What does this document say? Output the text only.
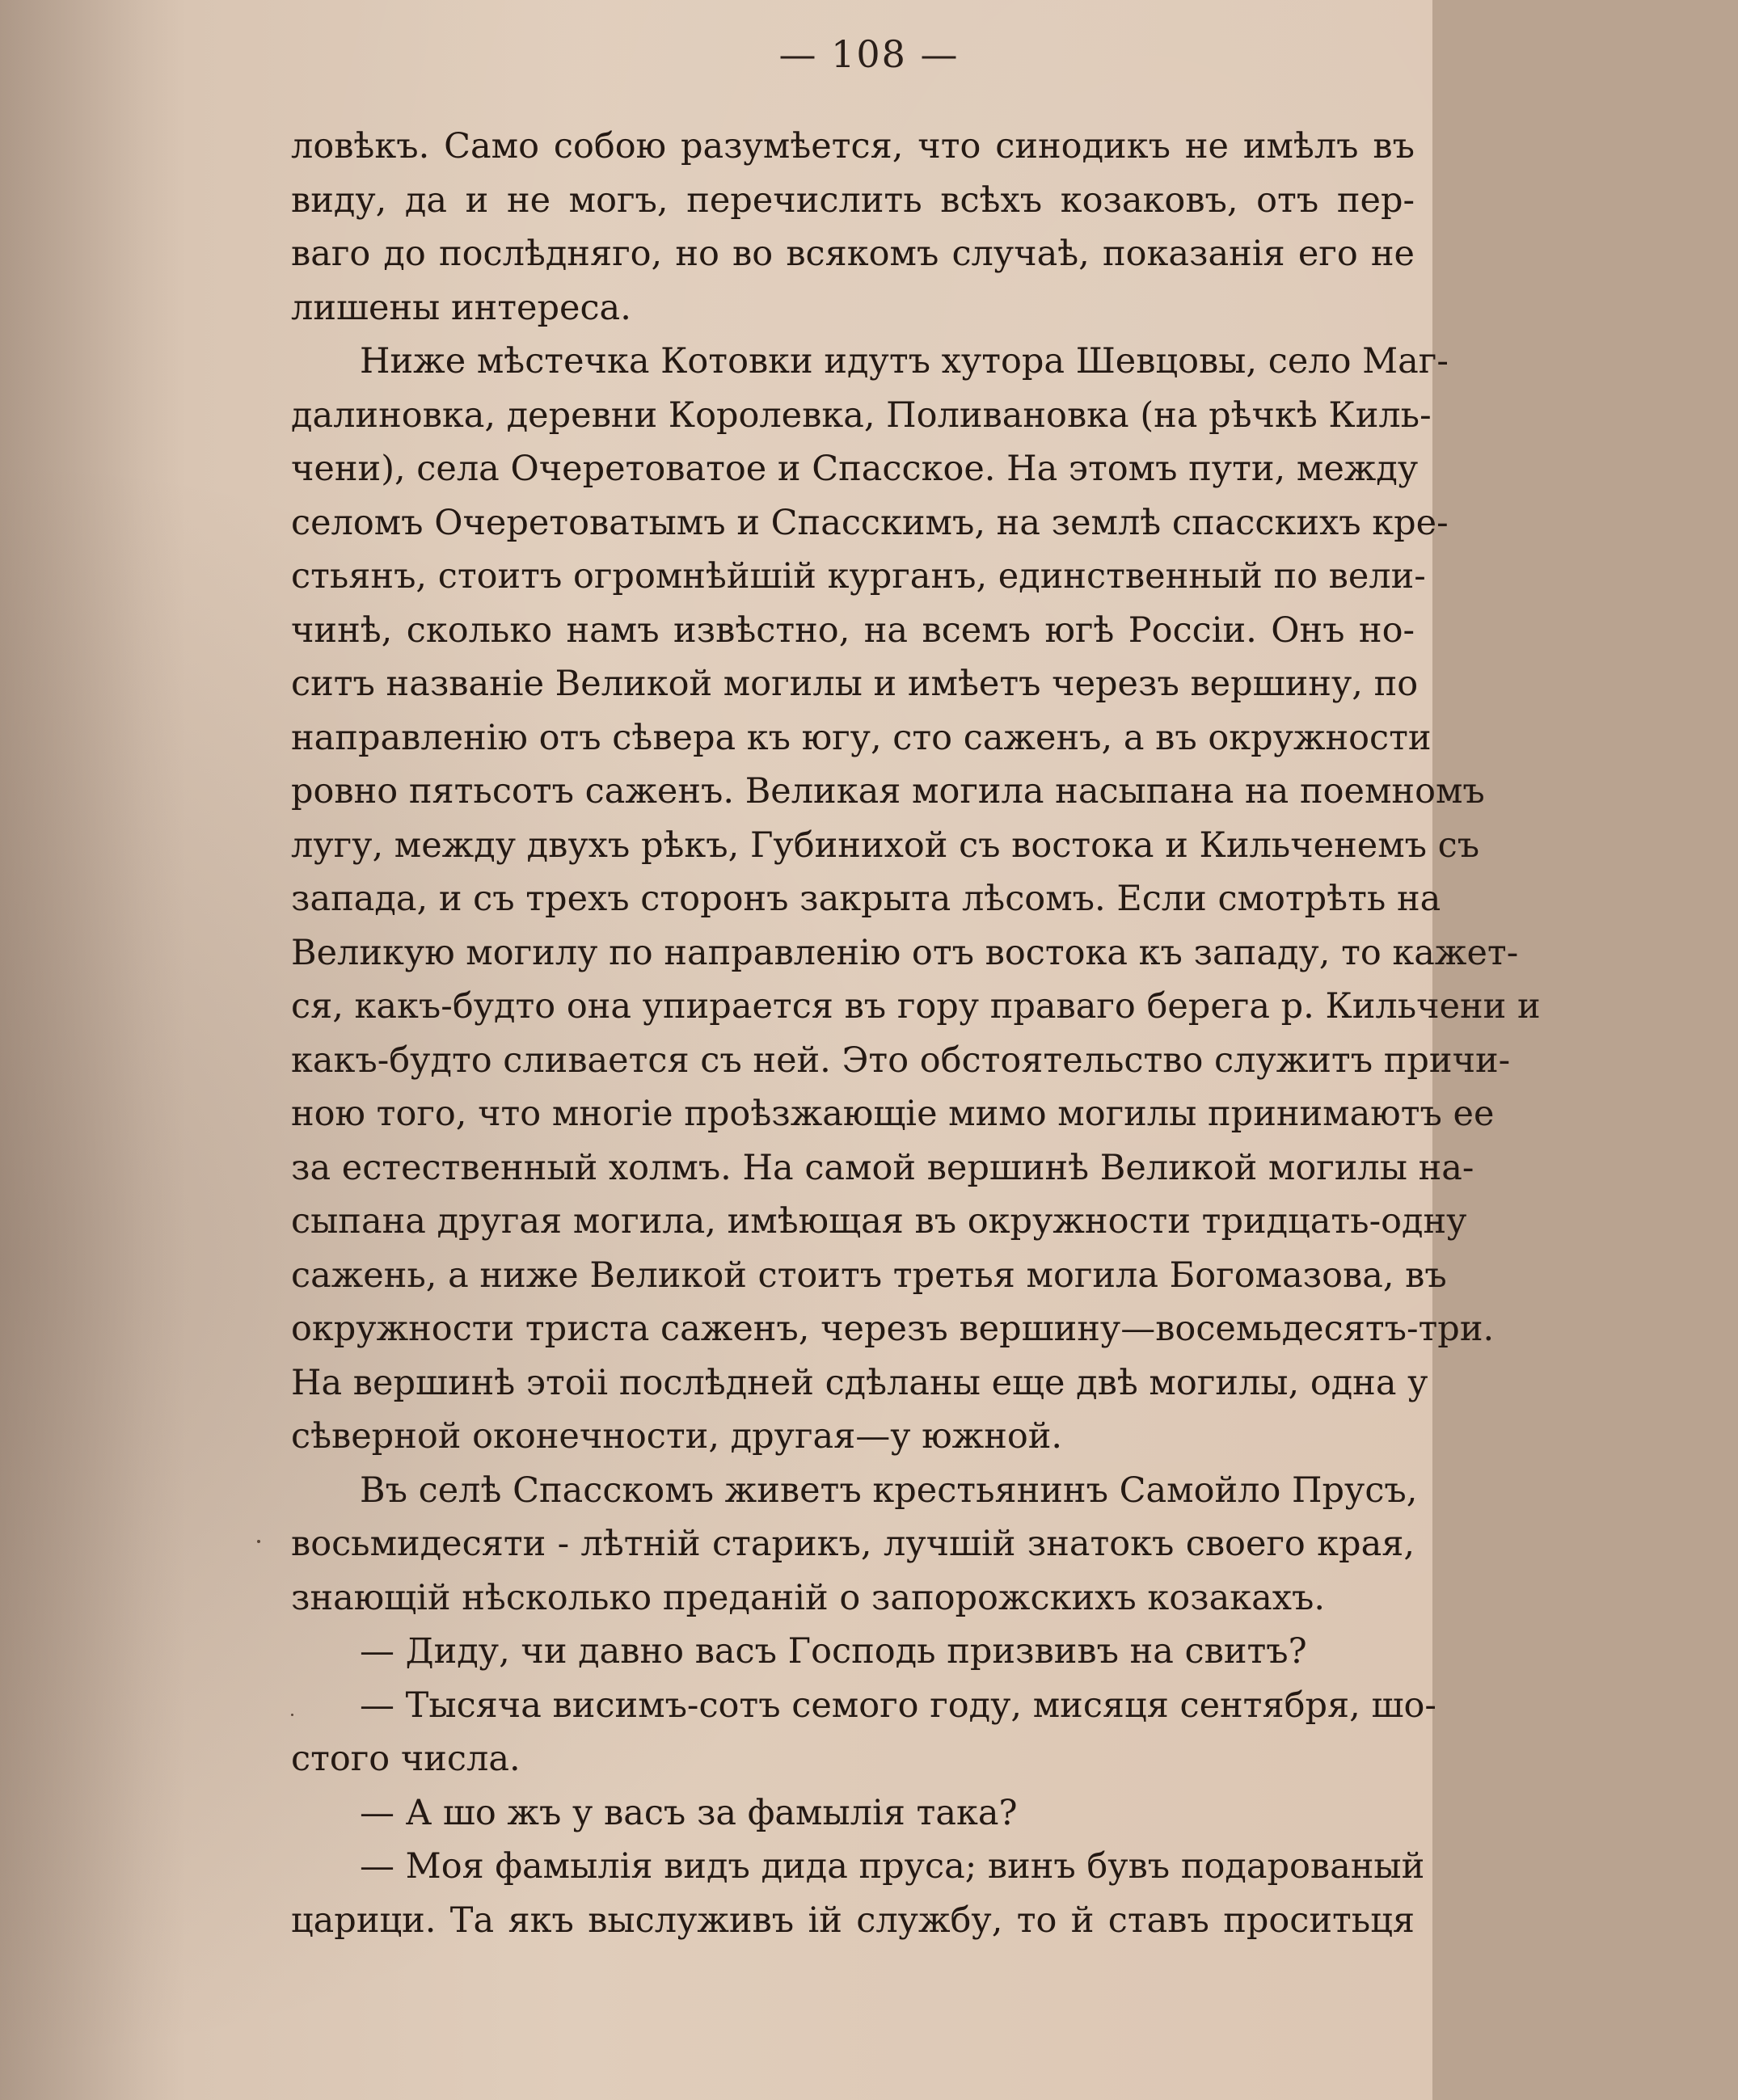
— 108 —
ловѣкъ. Само собою разумѣется, что синодикъ не имѣлъ въ
виду, да и не могъ, перечислить всѣхъ козаковъ, отъ пер-
ваго до послѣдняго, но во всякомъ случаѣ, показанія его не
лишены интереса.
Ниже мѣстечка Котовки идутъ хутора Шевцовы, село Маг-
далиновка, деревни Королевка, Поливановка (на рѣчкѣ Киль-
чени), села Очеретоватое и Спасское. На этомъ пути, между
селомъ Очеретоватымъ и Спасскимъ, на землѣ спасскихъ кре-
стьянъ, стоитъ огромнѣйшій курганъ, единственный по вели-
чинѣ, сколько намъ извѣстно, на всемъ югѣ Россіи. Онъ но-
ситъ названіе Великой могилы и имѣетъ черезъ вершину, по
направленію отъ сѣвера къ югу, сто саженъ, а въ окружности
ровно пятьсотъ саженъ. Великая могила насыпана на поемномъ
лугу, между двухъ рѣкъ, Губинихой съ востока и Кильченемъ съ
запада, и съ трехъ сторонъ закрыта лѣсомъ. Если смотрѣть на
Великую могилу по направленію отъ востока къ западу, то кажет-
ся, какъ-будто она упирается въ гору праваго берега р. Кильчени и
какъ-будто сливается съ ней. Это обстоятельство служитъ причи-
ною того, что многіе проѣзжающіе мимо могилы принимаютъ ее
за естественный холмъ. На самой вершинѣ Великой могилы на-
сыпана другая могила, имѣющая въ окружности тридцать-одну
сажень, а ниже Великой стоитъ третья могила Богомазова, въ
окружности триста саженъ, черезъ вершину—восемьдесятъ-три.
На вершинѣ этоіі послѣдней сдѣланы еще двѣ могилы, одна у
сѣверной оконечности, другая—у южной.
Въ селѣ Спасскомъ живетъ крестьянинъ Самойло Прусъ,
восьмидесяти - лѣтній старикъ, лучшій знатокъ своего края,
знающій нѣсколько преданій о запорожскихъ козакахъ.
— Диду, чи давно васъ Господь призвивъ на свитъ?
— Тысяча висимъ-сотъ семого году, мисяця сентября, шо-
стого числа.
— А шо жъ у васъ за фамылія така?
— Моя фамылія видъ дида пруса; винъ бувъ подарованый
царици. Та якъ выслуживъ ій службу, то й ставъ проситьця
